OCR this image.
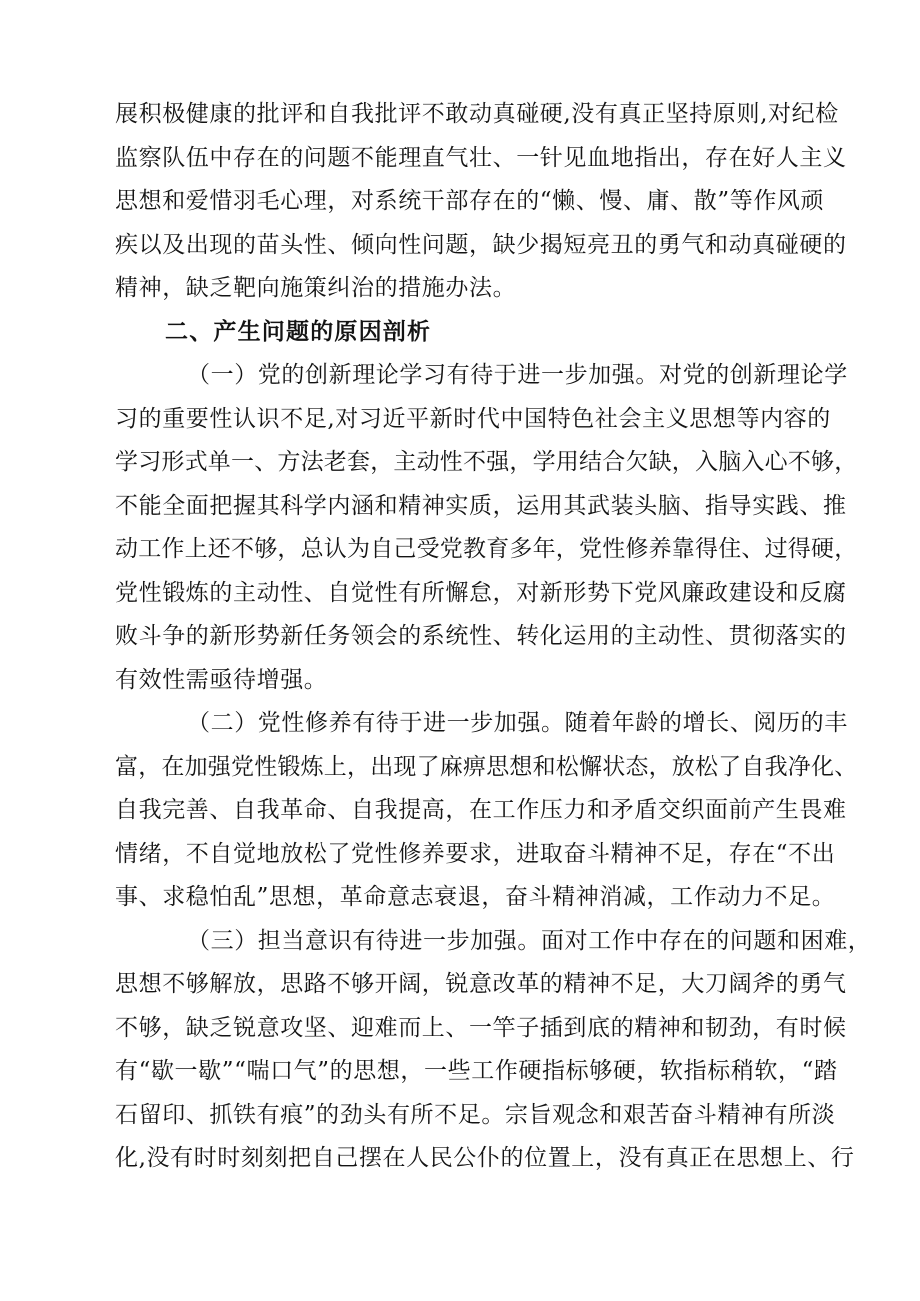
展积极健康的批评和自我批评不敢动真碰硬,没有真正坚持原则,对纪检
监察队伍中存在的问题不能理直气壮、一针见血地指出，存在好人主义
思想和爱惜羽毛心理，对系统干部存在的“懒、慢、庸、散”等作风顽
疾以及出现的苗头性、倾向性问题，缺少揭短亮丑的勇气和动真碰硬的
精神，缺乏靶向施策纠治的措施办法。
二、产生问题的原因剖析
（一）党的创新理论学习有待于进一步加强。对党的创新理论学
习的重要性认识不足,对习近平新时代中国特色社会主义思想等内容的
学习形式单一、方法老套，主动性不强，学用结合欠缺，入脑入心不够，
不能全面把握其科学内涵和精神实质，运用其武装头脑、指导实践、推
动工作上还不够，总认为自己受党教育多年，党性修养靠得住、过得硬，
党性锻炼的主动性、自觉性有所懈怠，对新形势下党风廉政建设和反腐
败斗争的新形势新任务领会的系统性、转化运用的主动性、贯彻落实的
有效性需亟待增强。
（二）党性修养有待于进一步加强。随着年龄的增长、阅历的丰
富，在加强党性锻炼上，出现了麻痹思想和松懈状态，放松了自我净化、
自我完善、自我革命、自我提高，在工作压力和矛盾交织面前产生畏难
情绪，不自觉地放松了党性修养要求，进取奋斗精神不足，存在“不出
事、求稳怕乱”思想，革命意志衰退，奋斗精神消减，工作动力不足。
（三）担当意识有待进一步加强。面对工作中存在的问题和困难，
思想不够解放，思路不够开阔，锐意改革的精神不足，大刀阔斧的勇气
不够，缺乏锐意攻坚、迎难而上、一竿子插到底的精神和韧劲，有时候
有“歇一歇”“喘口气”的思想，一些工作硬指标够硬，软指标稍软，“踏
石留印、抓铁有痕”的劲头有所不足。宗旨观念和艰苦奋斗精神有所淡
化,没有时时刻刻把自己摆在人民公仆的位置上，没有真正在思想上、行
